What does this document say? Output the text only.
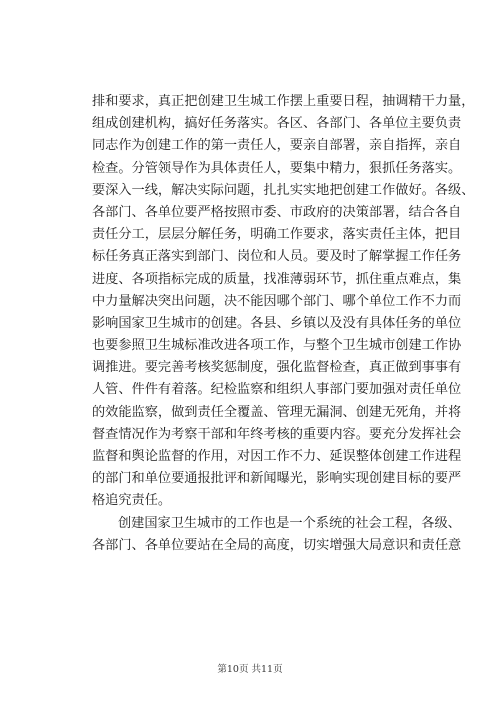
排和要求，真正把创建卫生城工作摆上重要日程，抽调精干力量，
组成创建机构，搞好任务落实。各区、各部门、各单位主要负责
同志作为创建工作的第一责任人，要亲自部署，亲自指挥，亲自
检查。分管领导作为具体责任人，要集中精力，狠抓任务落实。
要深入一线，解决实际问题，扎扎实实地把创建工作做好。各级、
各部门、各单位要严格按照市委、市政府的决策部署，结合各自
责任分工，层层分解任务，明确工作要求，落实责任主体，把目
标任务真正落实到部门、岗位和人员。要及时了解掌握工作任务
进度、各项指标完成的质量，找准薄弱环节，抓住重点难点，集
中力量解决突出问题，决不能因哪个部门、哪个单位工作不力而
影响国家卫生城市的创建。各县、乡镇以及没有具体任务的单位
也要参照卫生城标准改进各项工作，与整个卫生城市创建工作协
调推进。要完善考核奖惩制度，强化监督检查，真正做到事事有
人管、件件有着落。纪检监察和组织人事部门要加强对责任单位
的效能监察，做到责任全覆盖、管理无漏洞、创建无死角，并将
督查情况作为考察干部和年终考核的重要内容。要充分发挥社会
监督和舆论监督的作用，对因工作不力、延误整体创建工作进程
的部门和单位要通报批评和新闻曝光，影响实现创建目标的要严
格追究责任。
创建国家卫生城市的工作也是一个系统的社会工程，各级、
各部门、各单位要站在全局的高度，切实增强大局意识和责任意
第10页 共11页
